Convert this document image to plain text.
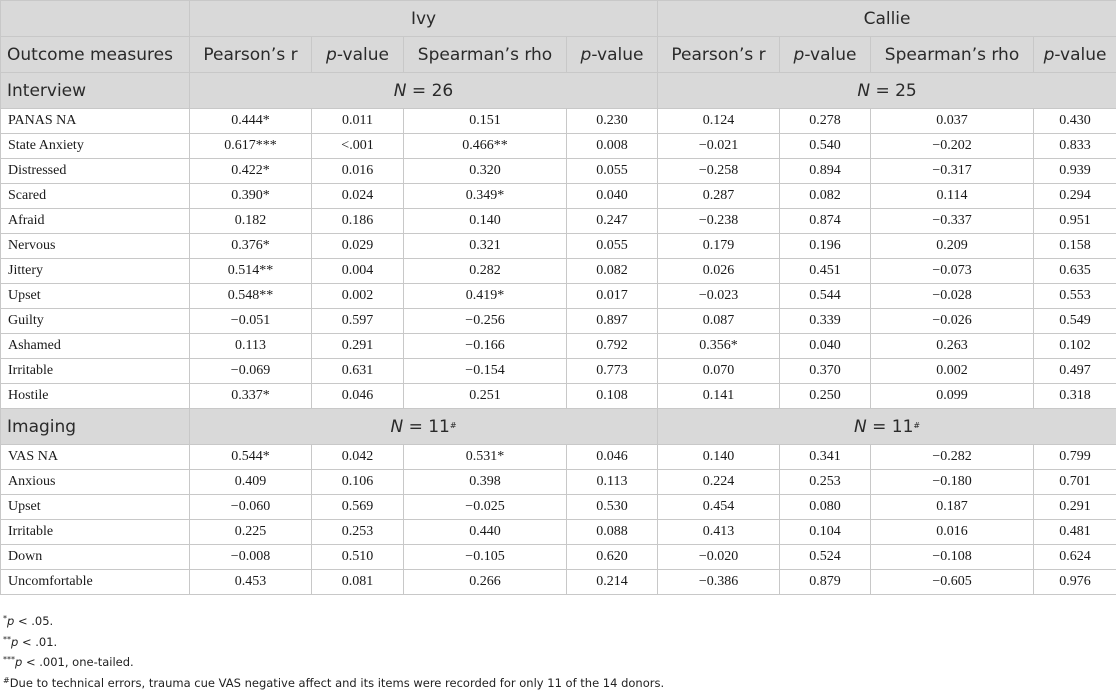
	Ivy				Callie			
Outcome measures	Pearson’s r	p-value	Spearman’s rho	p-value	Pearson’s r	p-value	Spearman’s rho	p-value
Interview	N = 26				N = 25			
PANAS NA	0.444*	0.011	0.151	0.230	0.124	0.278	0.037	0.430
State Anxiety	0.617***	<.001	0.466**	0.008	−0.021	0.540	−0.202	0.833
Distressed	0.422*	0.016	0.320	0.055	−0.258	0.894	−0.317	0.939
Scared	0.390*	0.024	0.349*	0.040	0.287	0.082	0.114	0.294
Afraid	0.182	0.186	0.140	0.247	−0.238	0.874	−0.337	0.951
Nervous	0.376*	0.029	0.321	0.055	0.179	0.196	0.209	0.158
Jittery	0.514**	0.004	0.282	0.082	0.026	0.451	−0.073	0.635
Upset	0.548**	0.002	0.419*	0.017	−0.023	0.544	−0.028	0.553
Guilty	−0.051	0.597	−0.256	0.897	0.087	0.339	−0.026	0.549
Ashamed	0.113	0.291	−0.166	0.792	0.356*	0.040	0.263	0.102
Irritable	−0.069	0.631	−0.154	0.773	0.070	0.370	0.002	0.497
Hostile	0.337*	0.046	0.251	0.108	0.141	0.250	0.099	0.318
Imaging	N = 11#				N = 11#
VAS NA	0.544*	0.042	0.531*	0.046	0.140	0.341	−0.282	0.799
Anxious	0.409	0.106	0.398	0.113	0.224	0.253	−0.180	0.701
Upset	−0.060	0.569	−0.025	0.530	0.454	0.080	0.187	0.291
Irritable	0.225	0.253	0.440	0.088	0.413	0.104	0.016	0.481
Down	−0.008	0.510	−0.105	0.620	−0.020	0.524	−0.108	0.624
Uncomfortable	0.453	0.081	0.266	0.214	−0.386	0.879	−0.605	0.976
*p < .05.
**p < .01.
***p < .001, one-tailed.
#Due to technical errors, trauma cue VAS negative affect and its items were recorded for only 11 of the 14 donors.
